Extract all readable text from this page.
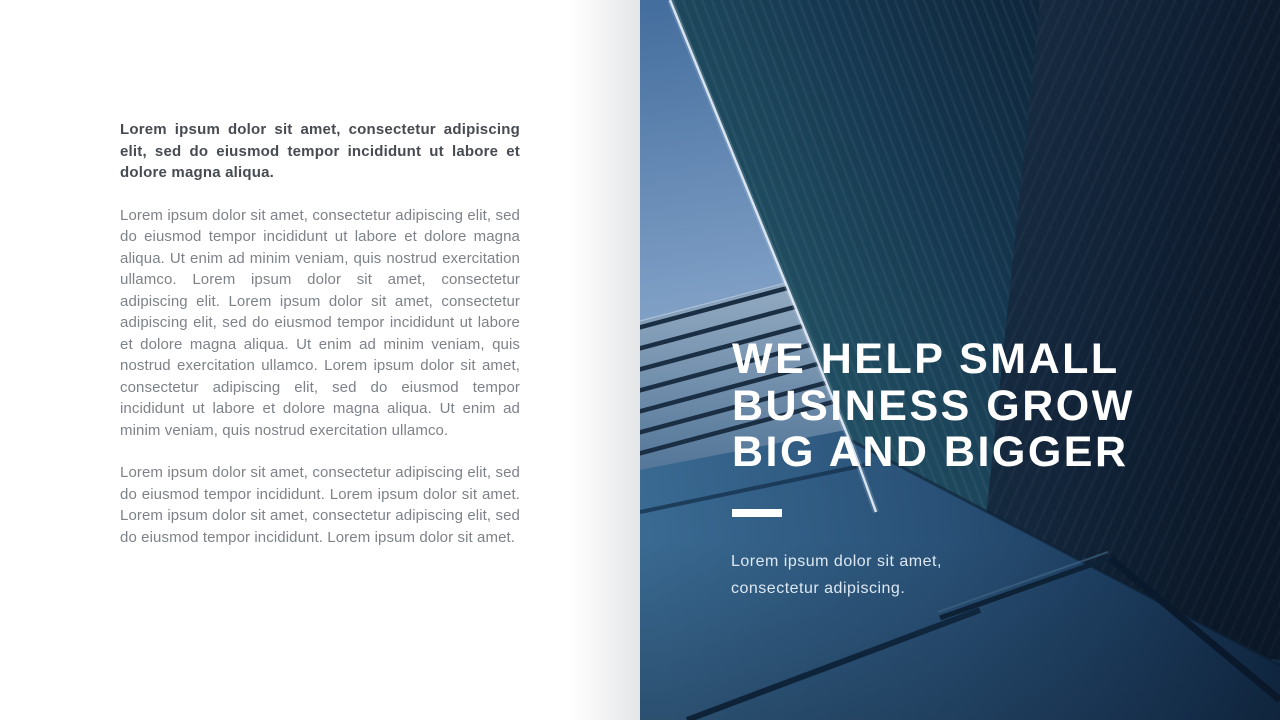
Lorem ipsum dolor sit amet, consectetur adipiscing elit, sed do eiusmod tempor incididunt ut labore et dolore magna aliqua.

Lorem ipsum dolor sit amet, consectetur adipiscing elit, sed do eiusmod tempor incididunt ut labore et dolore magna aliqua. Ut enim ad minim veniam, quis nostrud exercitation ullamco. Lorem ipsum dolor sit amet, consectetur adipiscing elit. Lorem ipsum dolor sit amet, consectetur adipiscing elit, sed do eiusmod tempor incididunt ut labore et dolore magna aliqua. Ut enim ad minim veniam, quis nostrud exercitation ullamco. Lorem ipsum dolor sit amet, consectetur adipiscing elit, sed do eiusmod tempor incididunt ut labore et dolore magna aliqua. Ut enim ad minim veniam, quis nostrud exercitation ullamco.

Lorem ipsum dolor sit amet, consectetur adipiscing elit, sed do eiusmod tempor incididunt. Lorem ipsum dolor sit amet. Lorem ipsum dolor sit amet, consectetur adipiscing elit, sed do eiusmod tempor incididunt. Lorem ipsum dolor sit amet.

WE HELP SMALL
BUSINESS GROW
BIG AND BIGGER

Lorem ipsum dolor sit amet,
consectetur adipiscing.
